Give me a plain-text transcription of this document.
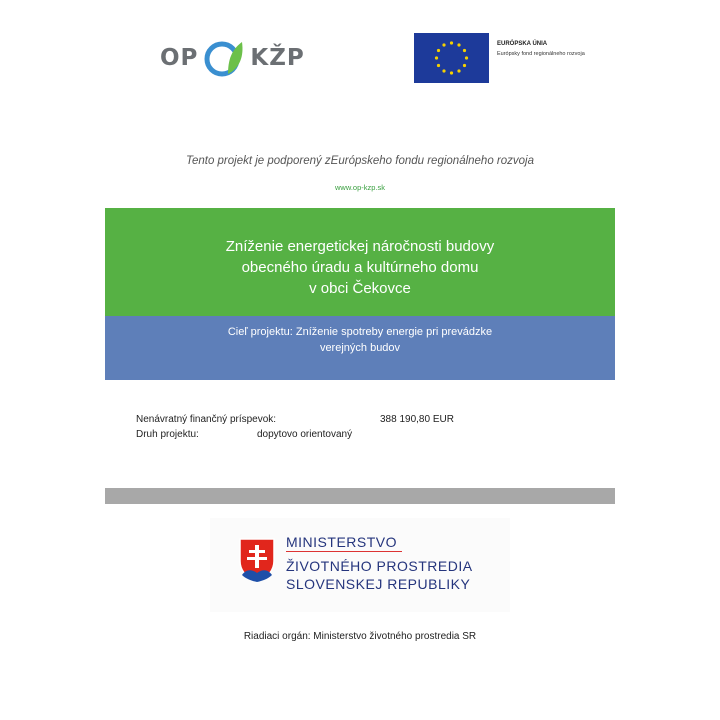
OP KŽP
EURÓPSKA ÚNIA
Európsky fond regionálneho rozvoja
Tento projekt je podporený zEurópskeho fondu regionálneho rozvoja
www.op-kzp.sk
Zníženie energetickej náročnosti budovy
obecného úradu a kultúrneho domu
v obci Čekovce
Cieľ projektu: Zníženie spotreby energie pri prevádzke
verejných budov
Nenávratný finančný príspevok:	388 190,80 EUR
Druh projektu:	dopytovo orientovaný
MINISTERSTVO
ŽIVOTNÉHO PROSTREDIA
SLOVENSKEJ REPUBLIKY
Riadiaci orgán: Ministerstvo životného prostredia SR
